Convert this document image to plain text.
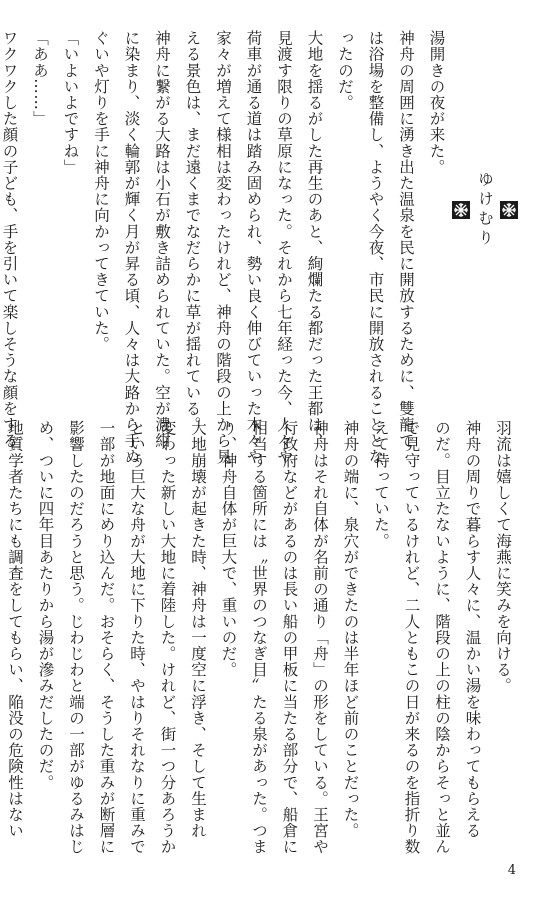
ゆけむり
湯開きの夜が来た。
神舟の周囲に湧き出た温泉を民に開放するために、雙龍で
は浴場を整備し、ようやく今夜、市民に開放されることとな
ったのだ。
大地を揺るがした再生のあと、絢爛たる都だった王都は、
見渡す限りの草原になった。それから七年経った今、人々や
荷車が通る道は踏み固められ、勢い良く伸びていった木々や
家々が増えて様相は変わったけれど、神舟の階段の上から見
える景色は、まだ遠くまでなだらかに草が揺れている。
神舟に繋がる大路は小石が敷き詰められていた。空が濃紺
に染まり、淡く輪郭が輝く月が昇る頃、人々は大路から手ぬ
ぐいや灯りを手に神舟に向かってきていた。
「いよいよですね」
「ああ……」
ワクワクした顔の子ども、手を引いて楽しそうな顔をする
羽流は嬉しくて海燕に笑みを向ける。
神舟の周りで暮らす人々に、温かい湯を味わってもらえる
のだ。目立たないように、階段の上の柱の陰からそっと並ん
で見守っているけれど、二人ともこの日が来るのを指折り数
えて待っていた。
神舟の端に、泉穴ができたのは半年ほど前のことだった。
神舟はそれ自体が名前の通り「舟」の形をしている。王宮や
行政府などがあるのは長い船の甲板に当たる部分で、船倉に
相当する箇所には〝世界のつなぎ目〟たる泉があった。つま
り、神舟自体が巨大で、重いのだ。
大地崩壊が起きた時、神舟は一度空に浮き、そして生まれ
変わった新しい大地に着陸した。けれど、街一つ分あろうか
という巨大な舟が大地に下りた時、やはりそれなりに重みで
一部が地面にめり込んだ。おそらく、そうした重みが断層に
影響したのだろうと思う。じわじわと端の一部がゆるみはじ
め、ついに四年目あたりから湯が滲みだしたのだ。
地質学者たちにも調査をしてもらい、陥没の危険性はない
4
